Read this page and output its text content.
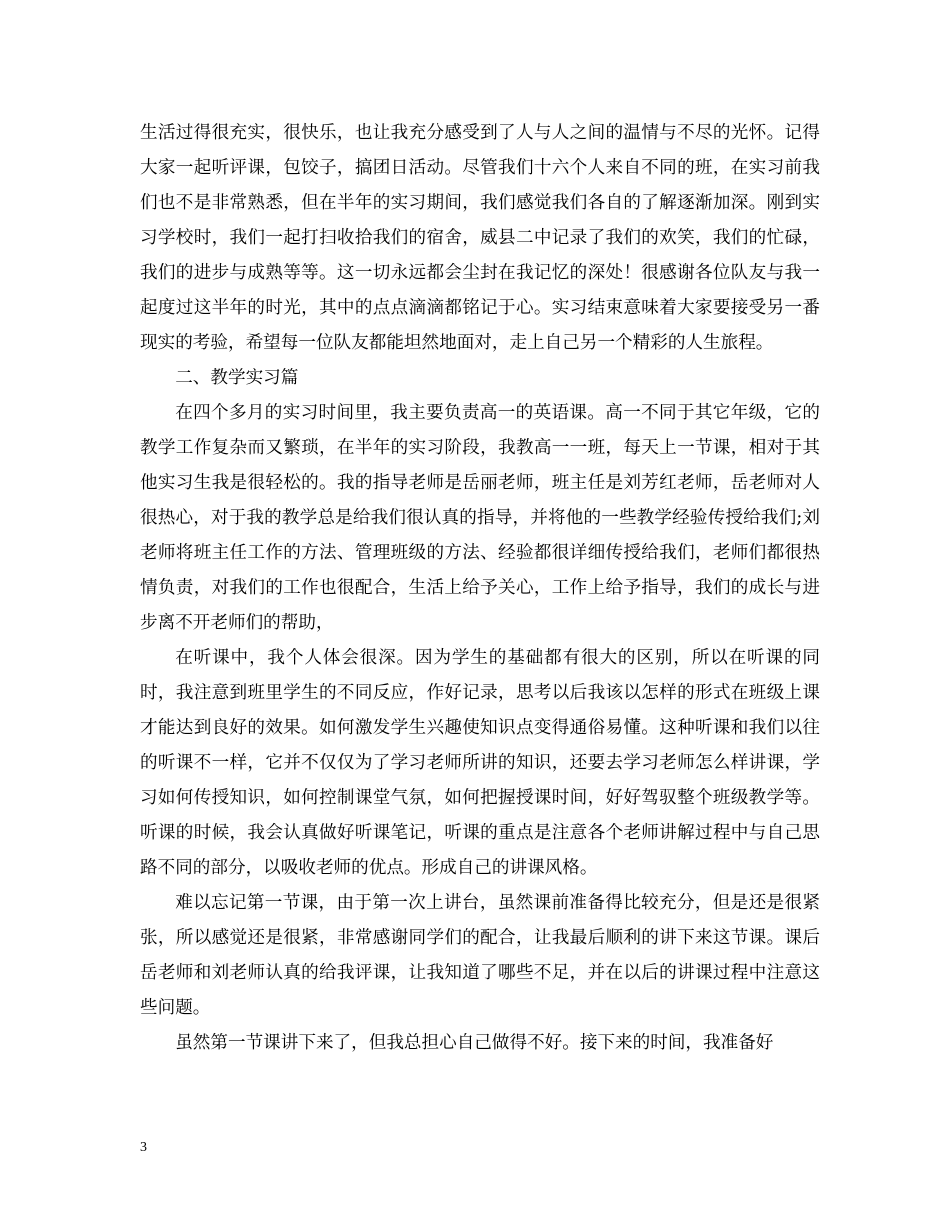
生活过得很充实，很快乐，也让我充分感受到了人与人之间的温情与不尽的光怀。记得大家一起听评课，包饺子，搞团日活动。尽管我们十六个人来自不同的班，在实习前我们也不是非常熟悉，但在半年的实习期间，我们感觉我们各自的了解逐渐加深。刚到实习学校时，我们一起打扫收拾我们的宿舍，威县二中记录了我们的欢笑，我们的忙碌，我们的进步与成熟等等。这一切永远都会尘封在我记忆的深处！很感谢各位队友与我一起度过这半年的时光，其中的点点滴滴都铭记于心。实习结束意味着大家要接受另一番现实的考验，希望每一位队友都能坦然地面对，走上自己另一个精彩的人生旅程。

二、教学实习篇

在四个多月的实习时间里，我主要负责高一的英语课。高一不同于其它年级，它的教学工作复杂而又繁琐，在半年的实习阶段，我教高一一班，每天上一节课，相对于其他实习生我是很轻松的。我的指导老师是岳丽老师，班主任是刘芳红老师，岳老师对人很热心，对于我的教学总是给我们很认真的指导，并将他的一些教学经验传授给我们;刘老师将班主任工作的方法、管理班级的方法、经验都很详细传授给我们，老师们都很热情负责，对我们的工作也很配合，生活上给予关心，工作上给予指导，我们的成长与进步离不开老师们的帮助，

在听课中，我个人体会很深。因为学生的基础都有很大的区别，所以在听课的同时，我注意到班里学生的不同反应，作好记录，思考以后我该以怎样的形式在班级上课才能达到良好的效果。如何激发学生兴趣使知识点变得通俗易懂。这种听课和我们以往的听课不一样，它并不仅仅为了学习老师所讲的知识，还要去学习老师怎么样讲课，学习如何传授知识，如何控制课堂气氛，如何把握授课时间，好好驾驭整个班级教学等。听课的时候，我会认真做好听课笔记，听课的重点是注意各个老师讲解过程中与自己思路不同的部分，以吸收老师的优点。形成自己的讲课风格。

难以忘记第一节课，由于第一次上讲台，虽然课前准备得比较充分，但是还是很紧张，所以感觉还是很紧，非常感谢同学们的配合，让我最后顺利的讲下来这节课。课后岳老师和刘老师认真的给我评课，让我知道了哪些不足，并在以后的讲课过程中注意这些问题。

虽然第一节课讲下来了，但我总担心自己做得不好。接下来的时间，我准备好

3
